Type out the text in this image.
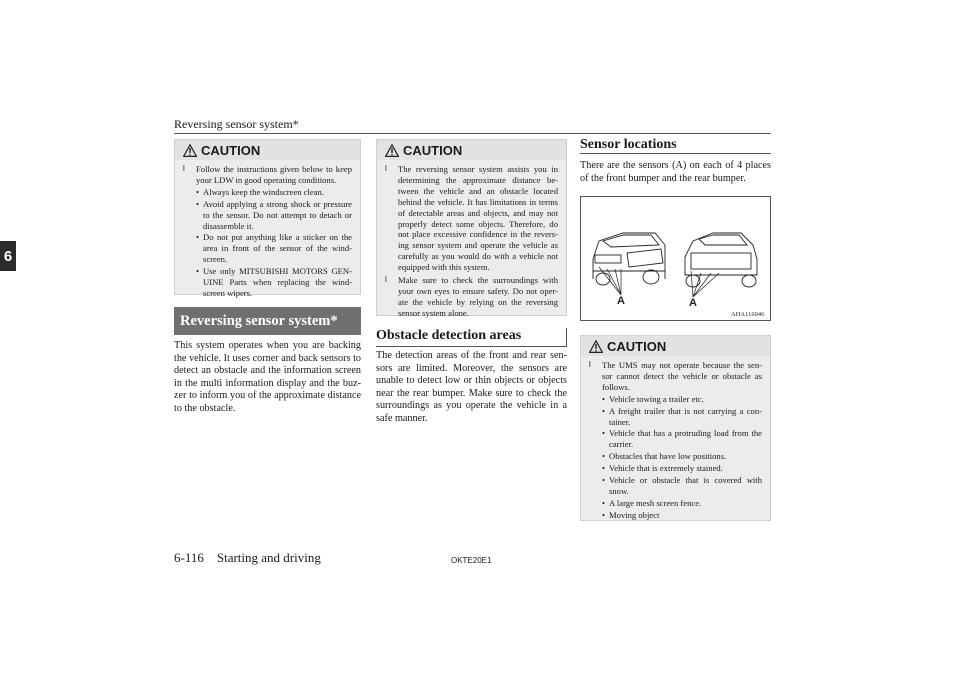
Reversing sensor system*
6
CAUTION
l Follow the instructions given below to keep your LDW in good operating conditions.
• Always keep the windscreen clean.
• Avoid applying a strong shock or pressure to the sensor. Do not attempt to detach or disassemble it.
• Do not put anything like a sticker on the area in front of the sensor of the wind-screen.
• Use only MITSUBISHI MOTORS GEN-UINE Parts when replacing the wind-screen wipers.
Reversing sensor system*
This system operates when you are backing the vehicle. It uses corner and back sensors to detect an obstacle and the information screen in the multi information display and the buz-zer to inform you of the approximate distance to the obstacle.
CAUTION
l The reversing sensor system assists you in determining the approximate distance be-tween the vehicle and an obstacle located behind the vehicle. It has limitations in terms of detectable areas and objects, and may not properly detect some objects. Therefore, do not place excessive confidence in the revers-ing sensor system and operate the vehicle as carefully as you would do with a vehicle not equipped with this system.
l Make sure to check the surroundings with your own eyes to ensure safety. Do not oper-ate the vehicle by relying on the reversing sensor system alone.
Obstacle detection areas
The detection areas of the front and rear sen-sors are limited. Moreover, the sensors are unable to detect low or thin objects or objects near the rear bumper. Make sure to check the surroundings as you operate the vehicle in a safe manner.
Sensor locations
There are the sensors (A) on each of 4 places of the front bumper and the rear bumper.
A	A
AHA116046
CAUTION
l The UMS may not operate because the sen-sor cannot detect the vehicle or obstacle as follows.
• Vehicle towing a trailer etc.
• A freight trailer that is not carrying a con-tainer.
• Vehicle that has a protruding load from the carrier.
• Obstacles that have low positions.
• Vehicle that is extremely stained.
• Vehicle or obstacle that is covered with snow.
• A large mesh screen fence.
• Moving object
6-116    Starting and driving	OKTE20E1
